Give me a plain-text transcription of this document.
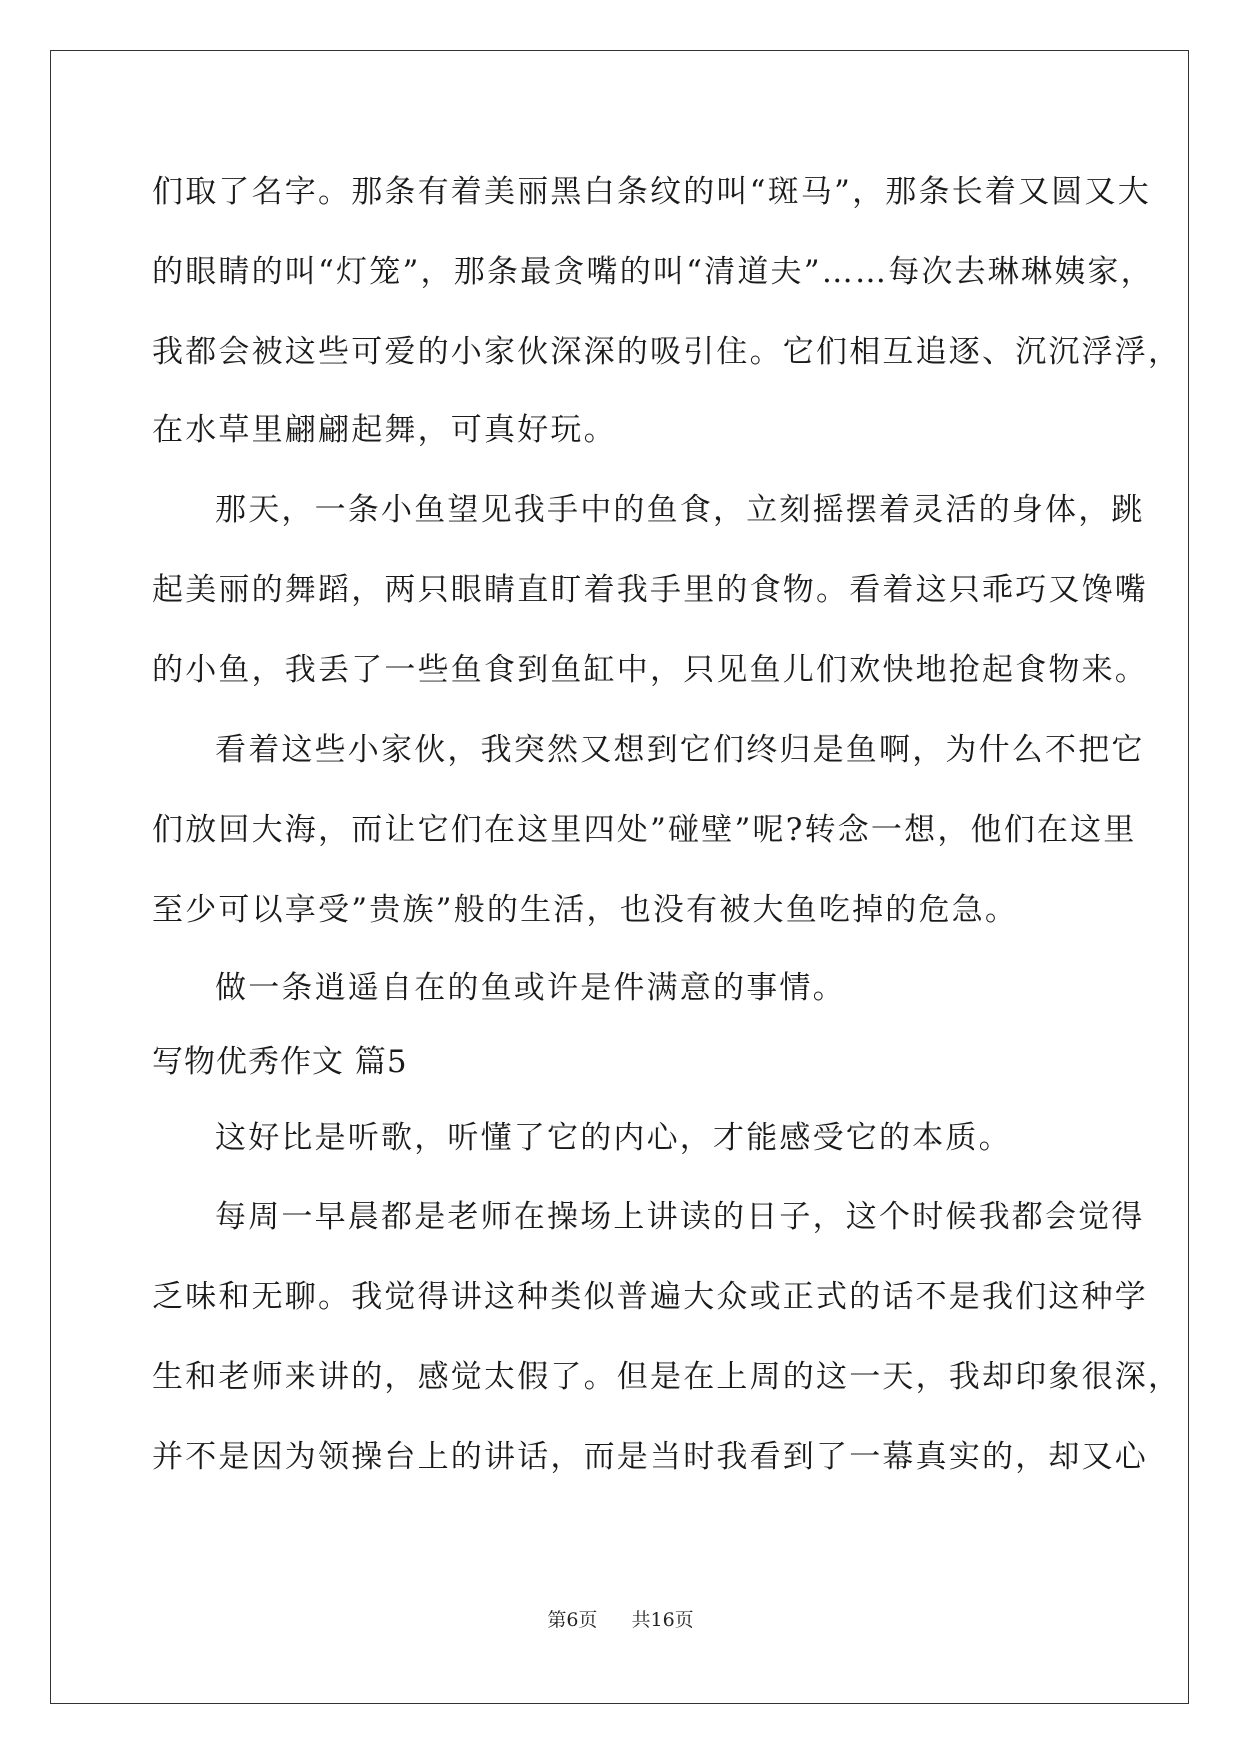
们取了名字。那条有着美丽黑白条纹的叫“斑马”，那条长着又圆又大
的眼睛的叫“灯笼”，那条最贪嘴的叫“清道夫”……每次去琳琳姨家，
我都会被这些可爱的小家伙深深的吸引住。它们相互追逐、沉沉浮浮，
在水草里翩翩起舞，可真好玩。
那天，一条小鱼望见我手中的鱼食，立刻摇摆着灵活的身体，跳
起美丽的舞蹈，两只眼睛直盯着我手里的食物。看着这只乖巧又馋嘴
的小鱼，我丢了一些鱼食到鱼缸中，只见鱼儿们欢快地抢起食物来。
看着这些小家伙，我突然又想到它们终归是鱼啊，为什么不把它
们放回大海，而让它们在这里四处”碰壁”呢?转念一想，他们在这里
至少可以享受”贵族”般的生活，也没有被大鱼吃掉的危急。
做一条逍遥自在的鱼或许是件满意的事情。
写物优秀作文 篇5
这好比是听歌，听懂了它的内心，才能感受它的本质。
每周一早晨都是老师在操场上讲读的日子，这个时候我都会觉得
乏味和无聊。我觉得讲这种类似普遍大众或正式的话不是我们这种学
生和老师来讲的，感觉太假了。但是在上周的这一天，我却印象很深，
并不是因为领操台上的讲话，而是当时我看到了一幕真实的，却又心
第6页 共16页
